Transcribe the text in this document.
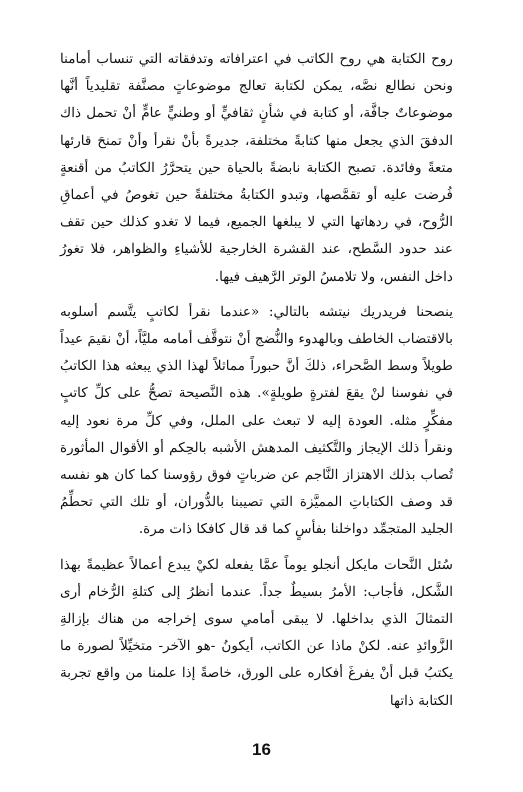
روح الكتابة هي روح الكاتب في اعترافاته وتدفقاته التي تنساب أمامنا ونحن نطالع نصَّه، يمكن لكتابة تعالج موضوعاتٍ مصنَّفة تقليدياً أنَّها موضوعاتٌ جافَّة، أو كتابة في شأنٍ ثقافيٍّ أو وطنيٍّ عامٍّ أنْ تحمل ذاك الدفقَ الذي يجعل منها كتابةً مختلفة، جديرةً بأنْ نقرأ وأنْ تمنحَ قارئها متعةً وفائدة. تصبح الكتابة نابضةً بالحياة حين يتحرَّرُ الكاتبُ من أقنعةٍ فُرضت عليه أو تقمَّصها، وتبدو الكتابةُ مختلفةً حين تغوصُ في أعماقِ الرُّوح، في ردهاتها التي لا يبلغها الجميع، فيما لا تغدو كذلك حين تقف عند حدود السَّطح، عند القشرة الخارجية للأشياءِ والظواهر، فلا تغورُ داخل النفس، ولا تلامسُ الوتر الرَّهيف فيها.

ينصحنا فريدريك نيتشه بالتالي: «عندما نقرأ لكاتبٍ يتَّسم أسلوبه بالاقتضاب الخاطف وبالهدوء والنُّضج أنْ نتوقَّف أمامه مليَّاً، أنْ نقيمَ عيداً طويلاً وسط الصَّحراء، ذلكَ أنَّ حبوراً مماثلاً لهذا الذي يبعثه هذا الكاتبُ في نفوسنا لنْ يقعَ لفترةٍ طويلةٍ». هذه النَّصيحة تصحُّ على كلِّ كاتبٍ مفكِّرٍ مثله. العودة إليه لا تبعث على الملل، وفي كلِّ مرة نعود إليه ونقرأ ذلك الإيجاز والتَّكثيف المدهش الأشبه بالحِكم أو الأقوال المأثورة تُصاب بذلك الاهتزاز النَّاجم عن ضرباتٍ فوق رؤوسنا كما كان هو نفسه قد وصف الكتاباتِ المميَّزة التي تصيبنا بالدُّوران، أو تلك التي تحطِّمُ الجليد المتجمِّد دواخلنا بفأسٍ كما قد قال كافكا ذات مرة.

سُئل النَّحات مايكل أنجلو يوماً عمَّا يفعله لكيْ يبدع أعمالاً عظيمةً بهذا الشَّكل، فأجاب: الأمرُ بسيطٌ جداً. عندما أنظرُ إلى كتلةِ الرُّخام أرى التمثالَ الذي بداخلها. لا يبقى أمامي سوى إخراجه من هناك بإزالةِ الزَّوائدِ عنه. لكنْ ماذا عن الكاتب، أيكونُ -هو الآخر- متخيِّلاً لصورة ما يكتبُ قبل أنْ يفرغَ أفكاره على الورق، خاصةً إذا علمنا من واقع تجربة الكتابة ذاتها

16
